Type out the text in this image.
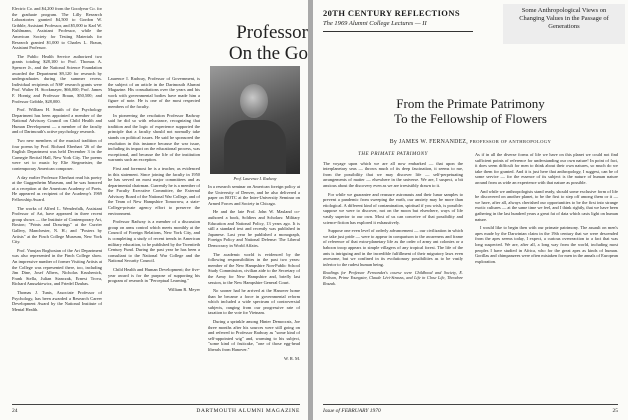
Electric Co. and $4,200 from the Goodyear Co. for the graduate program. The Lilly Research Laboratories granted $4,500 to Gordon W. Gribble, Assistant Professor, and $5,000 to Karl W. Kuhlmann, Assistant Professor, while the American Society for Testing Materials for Research granted $1,000 to Charles L. Braun, Assistant Professor.

The Public Health Service authorized two grants totaling $28,100 to Prof. Thomas A. Spencer Jr., and the National Science Foundation awarded the Department $9,120 for research by undergraduates during the summer recess. Individual recipients of NSF research grants were Prof. Walter H. Stockmayer, $66,000; Prof. James F. Hornig and Professor Braun, $50,500; and Professor Gribble, $28,000.

Prof. William H. Smith of the Psychology Department has been appointed a member of the National Advisory Council on Child Health and Human Development — a member of the faculty and of Dartmouth's active psychology research.

Two new members of the musical tradition of four poems by Prof. Richard Eberhart '26 of the English Department was held December 3 in the Carnegie Recital Hall, New York City. The poems were set to music by Elie Siegmeister, the contemporary American composer.

A day earlier Professor Eberhart read his poetry at the Guggenheim Museum, and he was honored at a reception at the American Academy of Poets. He appeared as recipient of the Academy's 1969 Fellowship Award.

The works of Alfred L. Wenderfalk, Assistant Professor of Art, have appeared in three recent group shows — the Institute of Contemporary Art, Boston; "Prints and Drawings" at the Currier Gallery, Manchester, N. H.; and "Posters by Artists" at the Finch College Museum, New York City.

Prof. Varujan Boghosian of the Art Department was also represented in the Finch College show. An impressive number of former Visiting Artists at the College was represented there, too, including Jim Dine, Josef Albers, Nicholas Krushenick, Frank Stella, Julian Stanczak, Ernest Trova, Richard Anuszkiewicz, and Friedel Dzubas.

Thomas J. Tunis, Associate Professor of Psychology, has been awarded a Research Career Development Award by the National Institute of Mental Health.

Professor
On the Go

Laurence I. Radway, Professor of Government, is the subject of an article in the Dartmouth Alumni Magazine. His consultations over the years and his work with governmental bodies have made him a figure of note. He is one of the most respected members of the faculty.

In pioneering the resolution Professor Radway said he did so with reluctance, recognizing that tradition and the logic of experience supported the principle that a faculty should not normally take stands on political issues. He said he sponsored the resolution in this instance because the war issue, including its impact on the educational process, was exceptional, and because the life of the institution warrants such an exception.

First and foremost he is a teacher, as evidenced in this statement. Since joining the faculty in 1950 he has served on most major committees and as departmental chairman. Currently he is a member of the Faculty Executive Committee, the External Advisory Board of the National War College, and of the Team of New Hampshire Tomorrow, a state-College-private agency effort to preserve the environment.

Professor Radway is a member of a discussion group on arms control which meets monthly at the Council of Foreign Relations, New York City, and is completing a study of recent trends in American military education, to be published by the Twentieth Century Fund. During the past year he has been a consultant to the National War College and the National Security Council.

Child Health and Human Development; the five-year award is for the purpose of supporting his program of research in "Perceptual Learning."

William R. Meyer
Prof. Laurence I. Radway

In a research seminar on American foreign policy at the University of Denver, and he also delivered a paper on ROTC at the Inter-University Seminar on Armed Forces and Society in Chicago.

He and the late Prof. John W. Masland co-authored a book, Soldiers and Scholars: Military Education and National Policy, 13 years ago. It is still a standard text and recently was published in Japanese. Last year he published a monograph, Foreign Policy and National Defense: The Liberal Democracy in World Affairs.

The academic world is evidenced by the following responsibilities in the past two years: member of the New Hampshire Non-Public School Study Commission, civilian aide to the Secretary of the Army for New Hampshire and, briefly last session, to the New Hampshire General Court.

No sooner had he arrived at the Hanover home than he became a force in governmental reform which included a wide spectrum of controversial subjects, ranging from our progressive rate of taxation to the vote for Vietnam.

During a sprinkle among Hinter Democrats, Joe three months after his sources were still going on and referred to Professor Radway as "some kind of self-appointed wig" and, warming to his subject, "some kind of fruitcake, "one of those egg-head liberals from Hanover."

W. R. M.
24	DARTMOUTH ALUMNI MAGAZINE
20TH CENTURY REFLECTIONS
The 1969 Alumni College Lectures — II
Some Anthropological Views on Changing Values in the Passage of Generations
From the Primate Patrimony
To the Fellowship of Flowers
By JAMES W. FERNANDEZ, PROFESSOR OF ANTHROPOLOGY
THE PRIMATE PATRIMONY

The voyage upon which we are all now embarked — that upon the interplanetary seas — throws much of its deep fascination, it seems to me, from the possibility that we may discover life — self-perpetuating arrangements of matter — elsewhere in the universe. We are, I suspect, a bit anxious about the discovery even as we are irresistibly drawn to it.

For while we guarantee and reassure astronauts and their lunar samples to prevent a pandemic from sweeping the earth, our anxiety may be more than etiological. A different kind of contamination, spiritual if you wish, is possible: suppose we were to discover, not on the moon but elsewhere, ways of life vastly superior to our own. Most of us can conceive of that possibility and science-fiction has explored it exhaustively.

Suppose one even level of orderly advancement — our civilization in which we take just pride — were to appear in comparison to the awareness and frame of reference of that extra-planetary life as the order of army ant colonies or a baboon troop appears to simple villagers of any tropical forest. The life of the ants is intriguing and in the incredible fulfillment of their migratory laws even awesome, but we confined in its evolutionary possibilities as to be vastly inferior to the rudest human being.

Readings for Professor Fernandez's course were Childhood and Society, E. Erikson, Prime Youngster, Claude Lévi-Strauss, and Life in Close Life, Theodore Roszak.

As if in all the diverse forms of life we have on this planet we could not find sufficient points of reference for understanding our own nature! In point of fact, it does seem difficult for men to think about their own natures, so much do we take them for granted. And it is just here that anthropology, I suggest, can be of some service — for the essence of its subject is the nature of human nature around from as wide an experience with that nature as possible.

And while we anthropologists stand ready, should some exclusive form of life be discovered on another planet, to be the first to step off among them or it — we have, after all, always cherished our opportunities to be the first into strange exotic cultures — at the same time we feel, and I think rightly, that we have been gathering in the last hundred years a great fat of data which casts light on human nature.

I would like to begin then with our primate patrimony. The assault on men's apes made by the Darwinian claim in the 19th century that we were descended from the apes seems today, I expect, a curious overreaction to a fact that was long suspected. We are, after all, a long way from the world, including most peoples I have studied in Africa, who for the great apes as kinds of human. Gorillas and chimpanzees were often mistaken for men in the annals of European exploration.

Issue of FEBRUARY 1970	25
